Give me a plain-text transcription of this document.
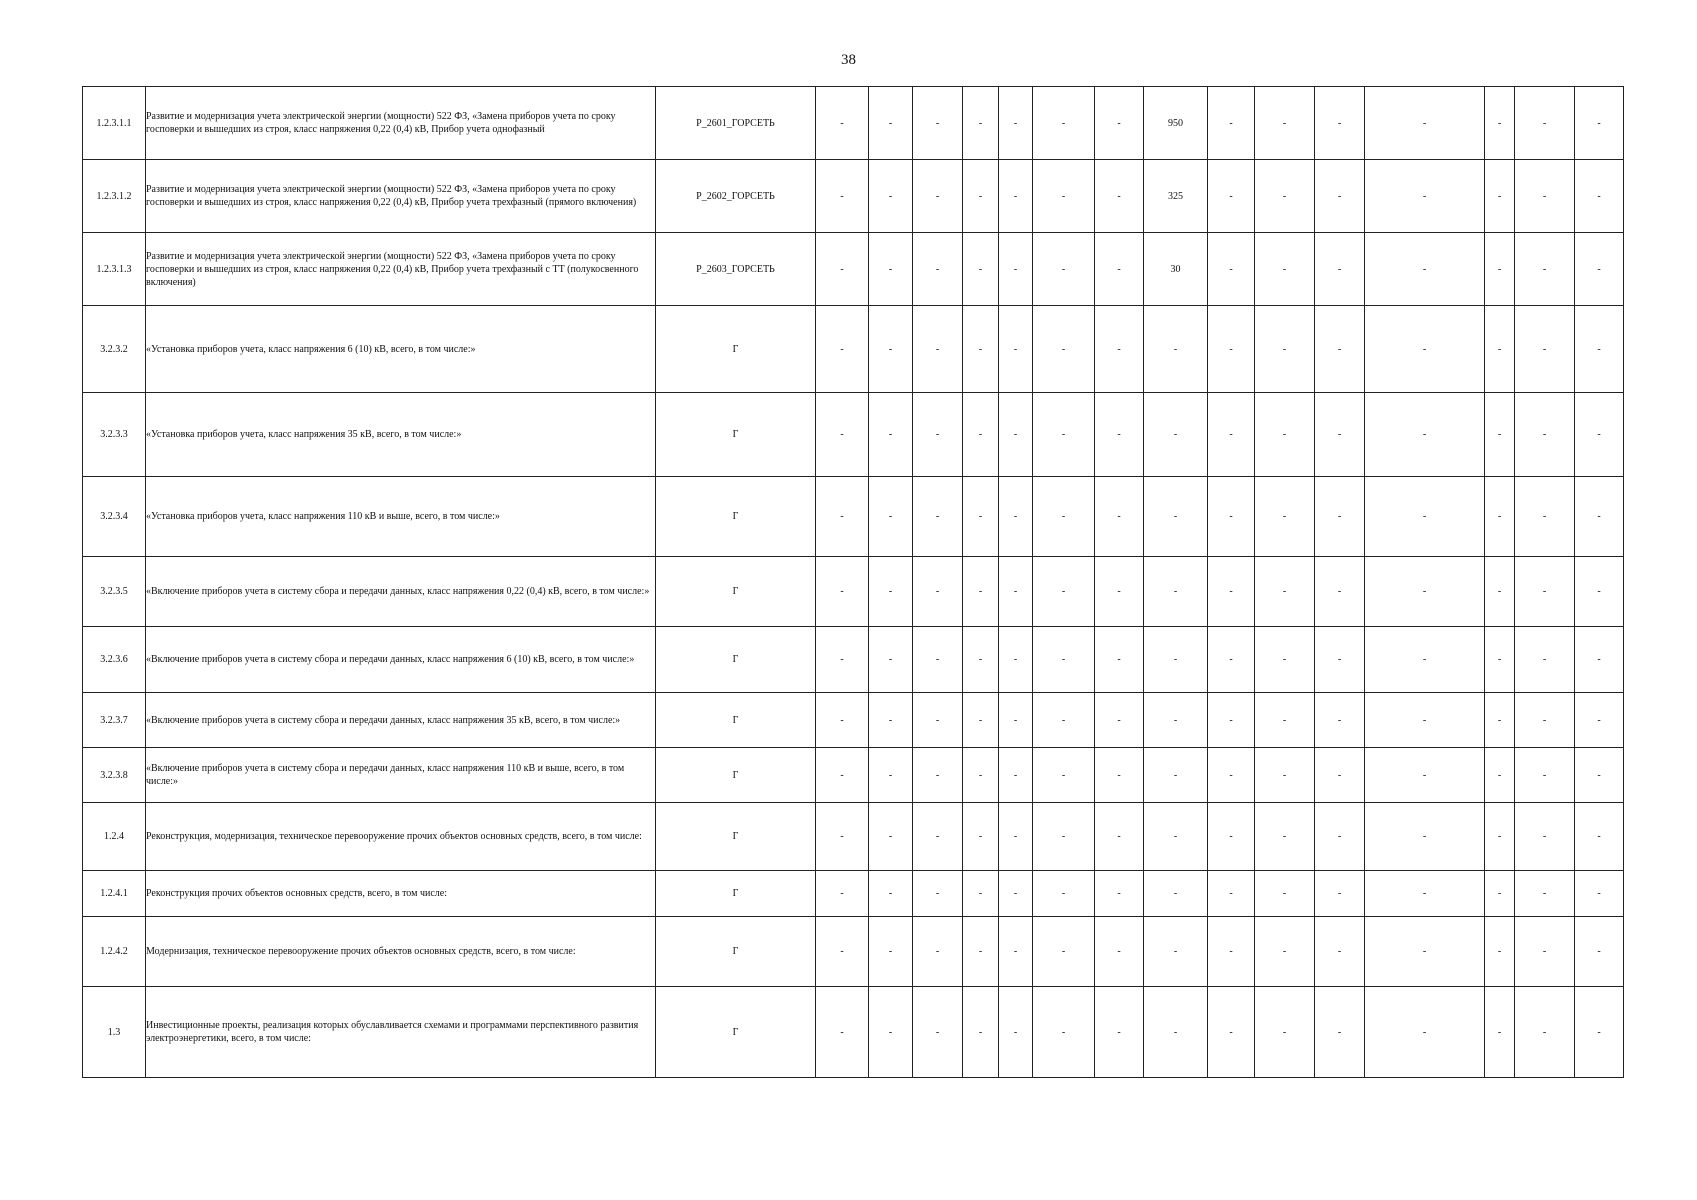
38
1.2.3.1.1	Развитие и модернизация учета электрической энергии (мощности) 522 ФЗ, «Замена приборов учета по сроку госповерки и вышедших из строя, класс напряжения 0,22 (0,4) кВ, Прибор учета однофазный	P_2601_ГОРСЕТЬ	-	-	-	-	-	-	-	950	-	-	-	-	-	-	-
1.2.3.1.2	Развитие и модернизация учета электрической энергии (мощности) 522 ФЗ, «Замена приборов учета по сроку госповерки и вышедших из строя, класс напряжения 0,22 (0,4) кВ, Прибор учета трехфазный (прямого включения)	P_2602_ГОРСЕТЬ	-	-	-	-	-	-	-	325	-	-	-	-	-	-	-
1.2.3.1.3	Развитие и модернизация учета электрической энергии (мощности) 522 ФЗ, «Замена приборов учета по сроку госповерки и вышедших из строя, класс напряжения 0,22 (0,4) кВ, Прибор учета трехфазный с ТТ (полукосвенного включения)	P_2603_ГОРСЕТЬ	-	-	-	-	-	-	-	30	-	-	-	-	-	-	-
3.2.3.2	«Установка приборов учета, класс напряжения 6 (10) кВ, всего, в том числе:»	Г	-	-	-	-	-	-	-	-	-	-	-	-	-	-	-
3.2.3.3	«Установка приборов учета, класс напряжения 35 кВ, всего, в том числе:»	Г	-	-	-	-	-	-	-	-	-	-	-	-	-	-	-
3.2.3.4	«Установка приборов учета, класс напряжения 110 кВ и выше, всего, в том числе:»	Г	-	-	-	-	-	-	-	-	-	-	-	-	-	-	-
3.2.3.5	«Включение приборов учета в систему сбора и передачи данных, класс напряжения 0,22 (0,4) кВ, всего, в том числе:»	Г	-	-	-	-	-	-	-	-	-	-	-	-	-	-	-
3.2.3.6	«Включение приборов учета в систему сбора и передачи данных, класс напряжения 6 (10) кВ, всего, в том числе:»	Г	-	-	-	-	-	-	-	-	-	-	-	-	-	-	-
3.2.3.7	«Включение приборов учета в систему сбора и передачи данных, класс напряжения 35 кВ, всего, в том числе:»	Г	-	-	-	-	-	-	-	-	-	-	-	-	-	-	-
3.2.3.8	«Включение приборов учета в систему сбора и передачи данных, класс напряжения 110 кВ и выше, всего, в том числе:»	Г	-	-	-	-	-	-	-	-	-	-	-	-	-	-	-
1.2.4	Реконструкция, модернизация, техническое перевооружение прочих объектов основных средств, всего, в том числе:	Г	-	-	-	-	-	-	-	-	-	-	-	-	-	-	-
1.2.4.1	Реконструкция прочих объектов основных средств, всего, в том числе:	Г	-	-	-	-	-	-	-	-	-	-	-	-	-	-	-
1.2.4.2	Модернизация, техническое перевооружение прочих объектов основных средств, всего, в том числе:	Г	-	-	-	-	-	-	-	-	-	-	-	-	-	-	-
1.3	Инвестиционные проекты, реализация которых обуславливается схемами и программами перспективного развития электроэнергетики, всего, в том числе:	Г	-	-	-	-	-	-	-	-	-	-	-	-	-	-	-
